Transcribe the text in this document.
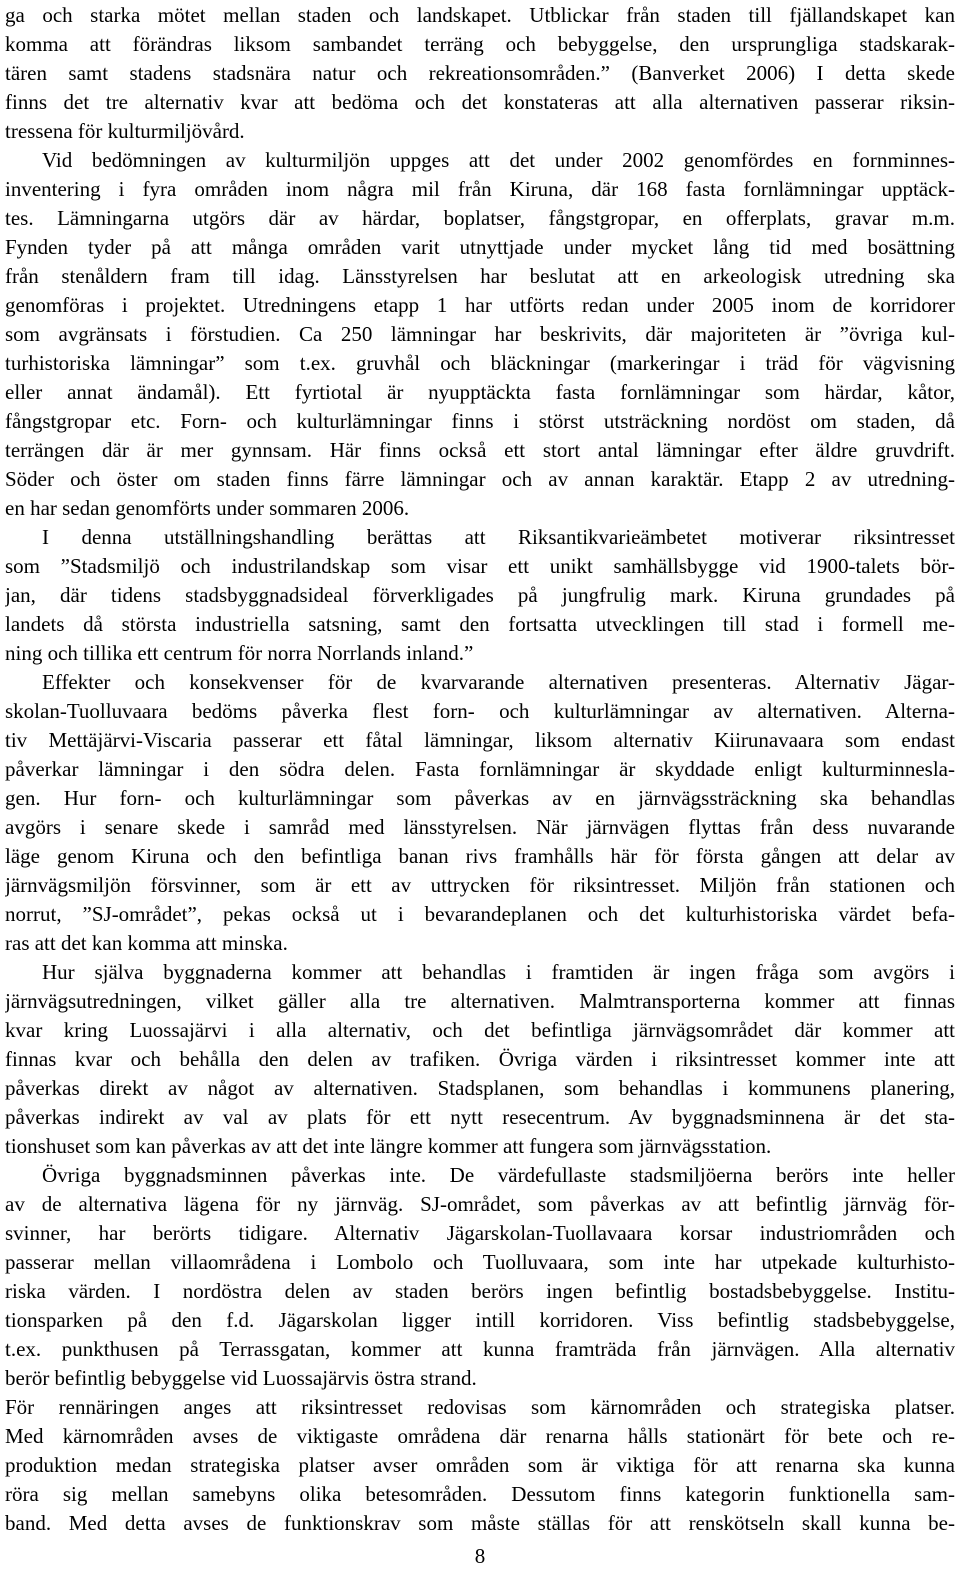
ga och starka mötet mellan staden och landskapet. Utblickar från staden till fjällandskapet kan
komma att förändras liksom sambandet terräng och bebyggelse, den ursprungliga stadskarak-
tären samt stadens stadsnära natur och rekreationsområden.” (Banverket 2006) I detta skede
finns det tre alternativ kvar att bedöma och det konstateras att alla alternativen passerar riksin-
tressena för kulturmiljövård.
Vid bedömningen av kulturmiljön uppges att det under 2002 genomfördes en fornminnes-
inventering i fyra områden inom några mil från Kiruna, där 168 fasta fornlämningar upptäck-
tes. Lämningarna utgörs där av härdar, boplatser, fångstgropar, en offerplats, gravar m.m.
Fynden tyder på att många områden varit utnyttjade under mycket lång tid med bosättning
från stenåldern fram till idag. Länsstyrelsen har beslutat att en arkeologisk utredning ska
genomföras i projektet. Utredningens etapp 1 har utförts redan under 2005 inom de korridorer
som avgränsats i förstudien. Ca 250 lämningar har beskrivits, där majoriteten är ”övriga kul-
turhistoriska lämningar” som t.ex. gruvhål och bläckningar (markeringar i träd för vägvisning
eller annat ändamål). Ett fyrtiotal är nyupptäckta fasta fornlämningar som härdar, kåtor,
fångstgropar etc. Forn- och kulturlämningar finns i störst utsträckning nordöst om staden, då
terrängen där är mer gynnsam. Här finns också ett stort antal lämningar efter äldre gruvdrift.
Söder och öster om staden finns färre lämningar och av annan karaktär. Etapp 2 av utredning-
en har sedan genomförts under sommaren 2006.
I denna utställningshandling berättas att Riksantikvarieämbetet motiverar riksintresset
som ”Stadsmiljö och industrilandskap som visar ett unikt samhällsbygge vid 1900-talets bör-
jan, där tidens stadsbyggnadsideal förverkligades på jungfrulig mark. Kiruna grundades på
landets då största industriella satsning, samt den fortsatta utvecklingen till stad i formell me-
ning och tillika ett centrum för norra Norrlands inland.”
Effekter och konsekvenser för de kvarvarande alternativen presenteras. Alternativ Jägar-
skolan-Tuolluvaara bedöms påverka flest forn- och kulturlämningar av alternativen. Alterna-
tiv Mettäjärvi-Viscaria passerar ett fåtal lämningar, liksom alternativ Kiirunavaara som endast
påverkar lämningar i den södra delen. Fasta fornlämningar är skyddade enligt kulturminnesla-
gen. Hur forn- och kulturlämningar som påverkas av en järnvägssträckning ska behandlas
avgörs i senare skede i samråd med länsstyrelsen. När järnvägen flyttas från dess nuvarande
läge genom Kiruna och den befintliga banan rivs framhålls här för första gången att delar av
järnvägsmiljön försvinner, som är ett av uttrycken för riksintresset. Miljön från stationen och
norrut, ”SJ-området”, pekas också ut i bevarandeplanen och det kulturhistoriska värdet befa-
ras att det kan komma att minska.
Hur själva byggnaderna kommer att behandlas i framtiden är ingen fråga som avgörs i
järnvägsutredningen, vilket gäller alla tre alternativen. Malmtransporterna kommer att finnas
kvar kring Luossajärvi i alla alternativ, och det befintliga järnvägsområdet där kommer att
finnas kvar och behålla den delen av trafiken. Övriga värden i riksintresset kommer inte att
påverkas direkt av något av alternativen. Stadsplanen, som behandlas i kommunens planering,
påverkas indirekt av val av plats för ett nytt resecentrum. Av byggnadsminnena är det sta-
tionshuset som kan påverkas av att det inte längre kommer att fungera som järnvägsstation.
Övriga byggnadsminnen påverkas inte. De värdefullaste stadsmiljöerna berörs inte heller
av de alternativa lägena för ny järnväg. SJ-området, som påverkas av att befintlig järnväg för-
svinner, har berörts tidigare. Alternativ Jägarskolan-Tuollavaara korsar industriområden och
passerar mellan villaområdena i Lombolo och Tuolluvaara, som inte har utpekade kulturhisto-
riska värden. I nordöstra delen av staden berörs ingen befintlig bostadsbebyggelse. Institu-
tionsparken på den f.d. Jägarskolan ligger intill korridoren. Viss befintlig stadsbebyggelse,
t.ex. punkthusen på Terrassgatan, kommer att kunna framträda från järnvägen. Alla alternativ
berör befintlig bebyggelse vid Luossajärvis östra strand.
För rennäringen anges att riksintresset redovisas som kärnområden och strategiska platser.
Med kärnområden avses de viktigaste områdena där renarna hålls stationärt för bete och re-
produktion medan strategiska platser avser områden som är viktiga för att renarna ska kunna
röra sig mellan samebyns olika betesområden. Dessutom finns kategorin funktionella sam-
band. Med detta avses de funktionskrav som måste ställas för att renskötseln skall kunna be-
8
